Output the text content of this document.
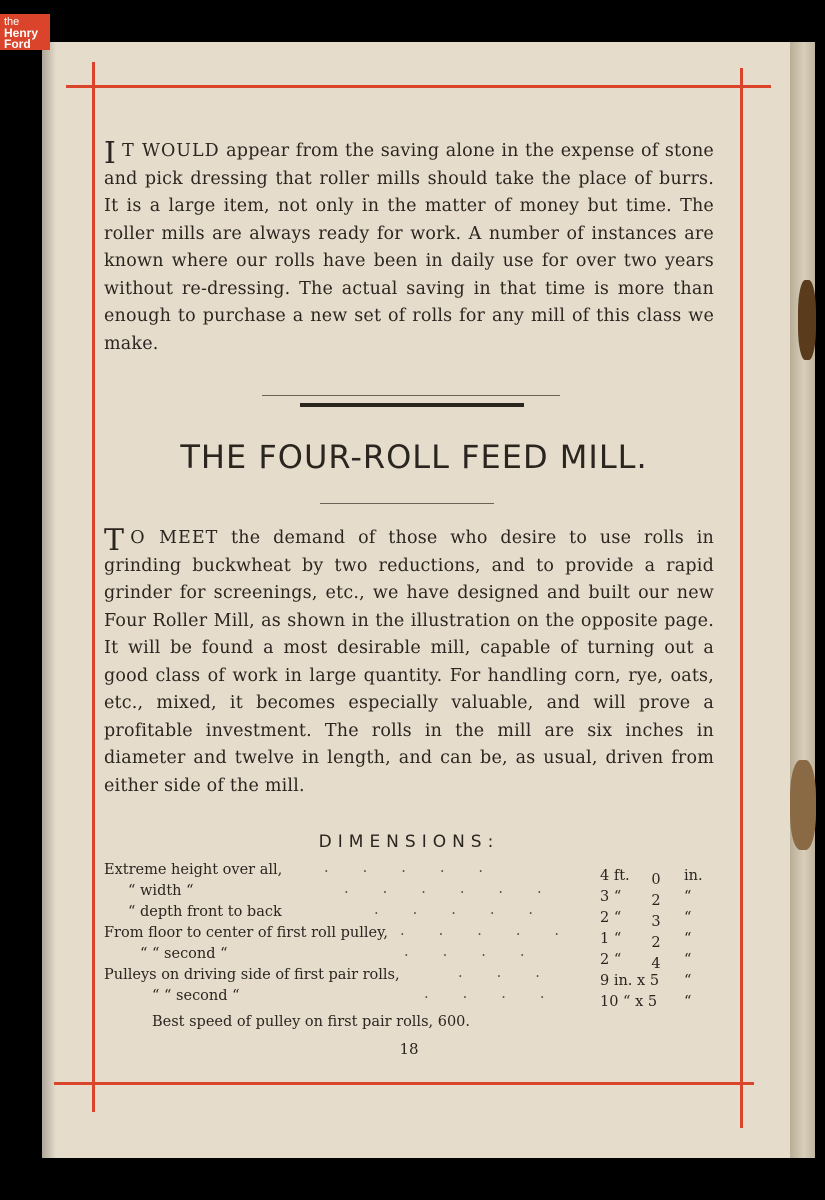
the
Henry
Ford

I T WOULD appear from the saving alone in the expense of stone and pick dressing that roller mills should take the place of burrs. It is a large item, not only in the matter of money but time. The roller mills are always ready for work. A number of instances are known where our rolls have been in daily use for over two years without re-dressing. The actual saving in that time is more than enough to purchase a new set of rolls for any mill of this class we make.

THE FOUR-ROLL FEED MILL.

T O MEET the demand of those who desire to use rolls in grinding buckwheat by two reductions, and to provide a rapid grinder for screenings, etc., we have designed and built our new Four Roller Mill, as shown in the illustration on the opposite page. It will be found a most desirable mill, capable of turning out a good class of work in large quantity. For handling corn, rye, oats, etc., mixed, it becomes especially valuable, and will prove a profitable investment. The rolls in the mill are six inches in diameter and twelve in length, and can be, as usual, driven from either side of the mill.

DIMENSIONS:
Extreme height over all,	.....	4 ft.	0 in.
“ width “	...... 3 “	2 “
“ depth front to back	..... 2 “	3 “
From floor to center of first roll pulley, ..... 1 “	2 “
“ “ second “	....	2 “	4 “
Pulleys on driving side of first pair rolls,	... 9 in. x 5	“
“ “ second “	.... 10 “ x 5	“
Best speed of pulley on first pair rolls, 600.
18
